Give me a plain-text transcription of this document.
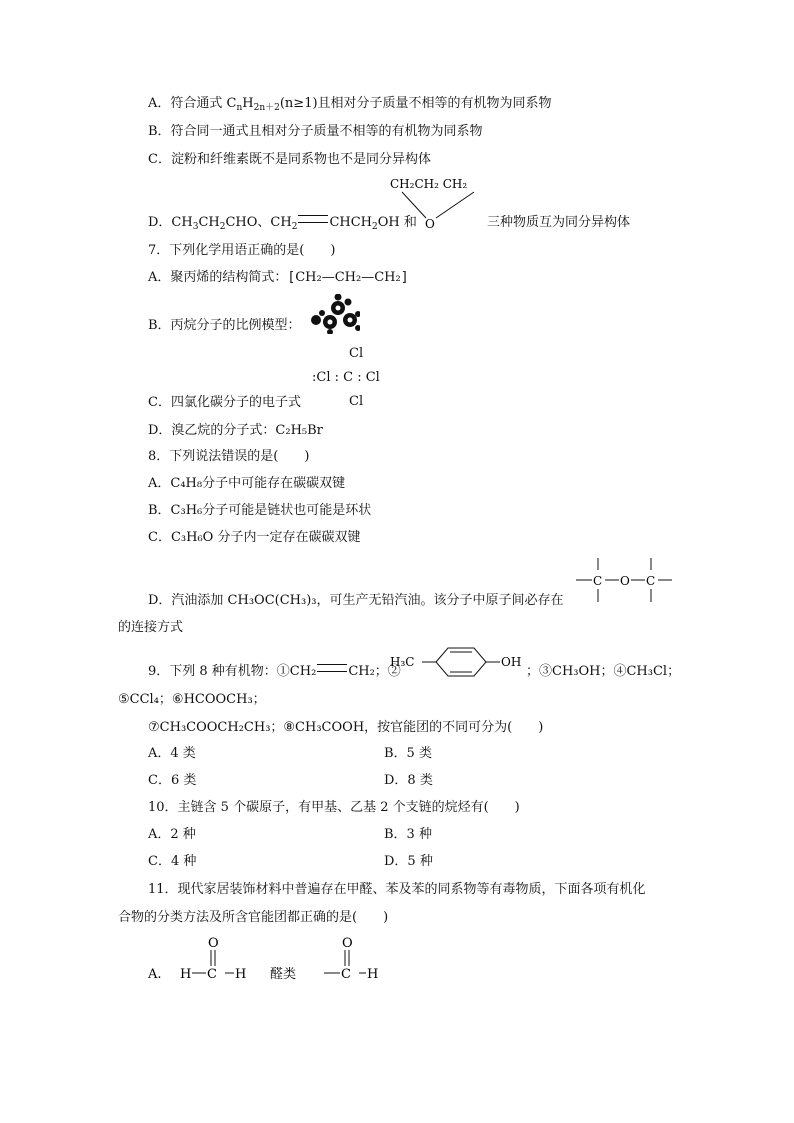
A．符合通式 $C_nH_{2n+2}(n\ge 1)$且相对分子质量不相等的有机物为同系物
B．符合同一通式且相对分子质量不相等的有机物为同系物
C．淀粉和纤维素既不是同系物也不是同分异构体
CH₂CH₂ CH₂
O
D．$CH_3CH_2CHO$、$CH_2$ $CHCH_2OH$ 和	三种物质互为同分异构体
7．下列化学用语正确的是(　　)
A．聚丙烯的结构简式：[CH₂—CH₂—CH₂]
B．丙烷分子的比例模型：
Cl
:Cl : C : Cl
Cl
C．四氯化碳分子的电子式
D．溴乙烷的分子式：C₂H₅Br
8．下列说法错误的是(　　)
A．C₄H₈分子中可能存在碳碳双键
B．C₃H₆分子可能是链状也可能是环状
C．C₃H₆O 分子内一定存在碳碳双键
C O C
D．汽油添加 CH₃OC(CH₃)₃，可生产无铅汽油。该分子中原子间必存在
的连接方式
9．下列 8 种有机物：①CH₂ CH₂；②
H₃C	OH
；③CH₃OH；④CH₃Cl；
⑤CCl₄；⑥HCOOCH₃；
⑦CH₃COOCH₂CH₃；⑧CH₃COOH，按官能团的不同可分为(　　)
A．4 类	B．5 类
C．6 类	D．8 类
10．主链含 5 个碳原子，有甲基、乙基 2 个支链的烷烃有(　　)
A．2 种	B．3 种
C．4 种	D．5 种
11．现代家居装饰材料中普遍存在甲醛、苯及苯的同系物等有毒物质，下面各项有机化
合物的分类方法及所含官能团都正确的是(　　)
A. H C H
O
醛类	C H
O
